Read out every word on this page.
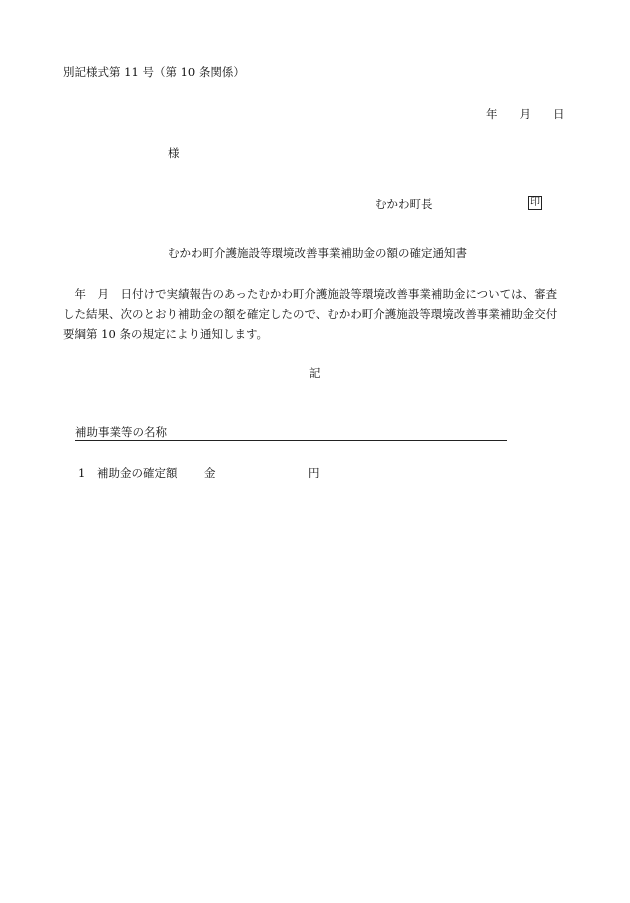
別記様式第 11 号（第 10 条関係）
年 月 日
様
むかわ町長	印
むかわ町介護施設等環境改善事業補助金の額の確定通知書
　年　月　日付けで実績報告のあったむかわ町介護施設等環境改善事業補助金については、審査
した結果、次のとおり補助金の額を確定したので、むかわ町介護施設等環境改善事業補助金交付
要綱第 10 条の規定により通知します。
記
補助事業等の名称
1 補助金の確定額 金	円
